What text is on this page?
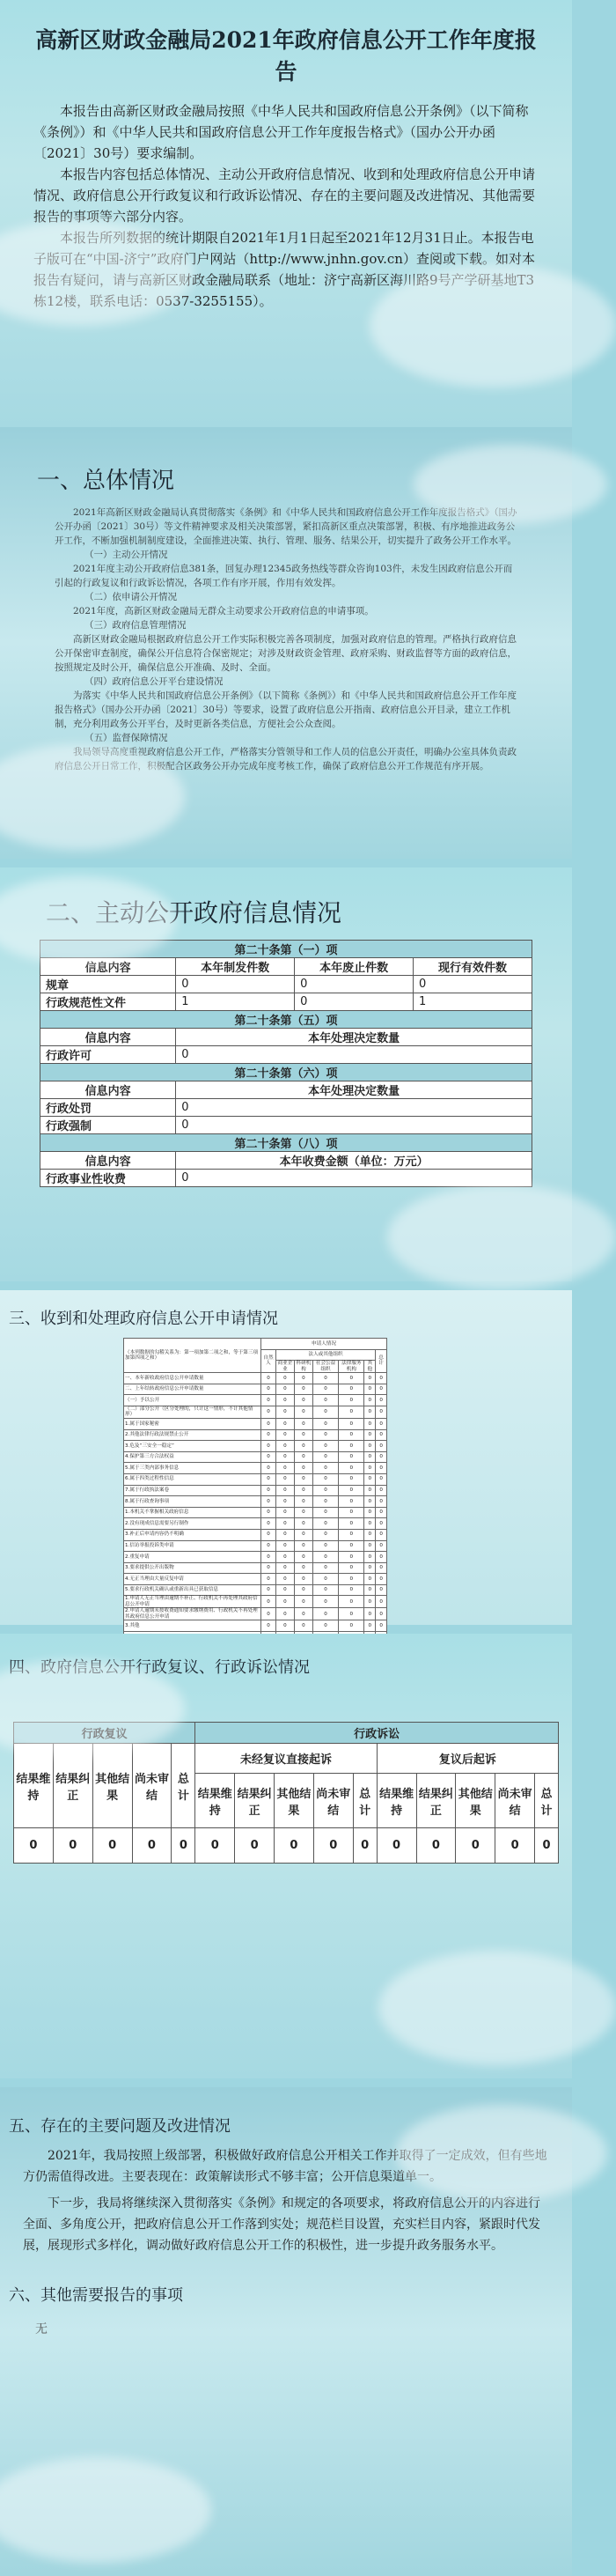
高新区财政金融局2021年政府信息公开工作年度报告

本报告由高新区财政金融局按照《中华人民共和国政府信息公开条例》（以下简称《条例》）和《中华人民共和国政府信息公开工作年度报告格式》（国办公开办函〔2021〕30号）要求编制。

本报告内容包括总体情况、主动公开政府信息情况、收到和处理政府信息公开申请情况、政府信息公开行政复议和行政诉讼情况、存在的主要问题及改进情况、其他需要报告的事项等六部分内容。

本报告所列数据的统计期限自2021年1月1日起至2021年12月31日止。本报告电子版可在“中国-济宁”政府门户网站（http://www.jnhn.gov.cn）查阅或下载。如对本报告有疑问，请与高新区财政金融局联系（地址：济宁高新区海川路9号产学研基地T3栋12楼，联系电话：0537-3255155）。

一、总体情况

2021年高新区财政金融局认真贯彻落实《条例》和《中华人民共和国政府信息公开工作年度报告格式》（国办公开办函〔2021〕30号）等文件精神要求及相关决策部署，紧扣高新区重点决策部署，积极、有序地推进政务公开工作，不断加强机制制度建设，全面推进决策、执行、管理、服务、结果公开，切实提升了政务公开工作水平。

（一）主动公开情况

2021年度主动公开政府信息381条，回复办理12345政务热线等群众咨询103件，未发生因政府信息公开而引起的行政复议和行政诉讼情况，各项工作有序开展，作用有效发挥。

（二）依申请公开情况

2021年度，高新区财政金融局无群众主动要求公开政府信息的申请事项。

（三）政府信息管理情况

高新区财政金融局根据政府信息公开工作实际积极完善各项制度，加强对政府信息的管理。严格执行政府信息公开保密审查制度，确保公开信息符合保密规定；对涉及财政资金管理、政府采购、财政监督等方面的政府信息，按照规定及时公开，确保信息公开准确、及时、全面。

（四）政府信息公开平台建设情况

为落实《中华人民共和国政府信息公开条例》（以下简称《条例》）和《中华人民共和国政府信息公开工作年度报告格式》（国办公开办函〔2021〕30号）等要求，设置了政府信息公开指南、政府信息公开目录，建立工作机制，充分利用政务公开平台，及时更新各类信息，方便社会公众查阅。

（五）监督保障情况

我局领导高度重视政府信息公开工作，严格落实分管领导和工作人员的信息公开责任，明确办公室具体负责政府信息公开日常工作，积极配合区政务公开办完成年度考核工作，确保了政府信息公开工作规范有序开展。

二、主动公开政府信息情况
第二十条第（一）项			
信息内容	本年制发件数	本年废止件数	现行有效件数
规章	0	0	0
行政规范性文件	1	0	1
第二十条第（五）项			
信息内容	本年处理决定数量		
行政许可	0		
第二十条第（六）项			
信息内容	本年处理决定数量		
行政处罚	0		
行政强制	0		
第二十条第（八）项			
信息内容	本年收费金额（单位：万元）		
行政事业性收费	0		
三、收到和处理政府信息公开申请情况
（本列数据的勾稽关系为：第一项加第二项之和，等于第三项加第四项之和）	申请人情况						
	自然人	法人或其他组织					总计
		商业企业	科研机构	社会公益组织	法律服务机构	其他	
一、本年新收政府信息公开申请数量	0	0	0	0	0	0	0
二、上年结转政府信息公开申请数量	0	0	0	0	0	0	0
（一）予以公开	0	0	0	0	0	0	0
（二）部分公开（区分处理的，只计这一情形，不计其他情形）	0	0	0	0	0	0	0
1.属于国家秘密	0	0	0	0	0	0	0
2.其他法律行政法规禁止公开	0	0	0	0	0	0	0
3.危及“三安全一稳定”	0	0	0	0	0	0	0
4.保护第三方合法权益	0	0	0	0	0	0	0
5.属于三类内部事务信息	0	0	0	0	0	0	0
6.属于四类过程性信息	0	0	0	0	0	0	0
7.属于行政执法案卷	0	0	0	0	0	0	0
8.属于行政查询事项	0	0	0	0	0	0	0
1.本机关不掌握相关政府信息	0	0	0	0	0	0	0
2.没有现成信息需要另行制作	0	0	0	0	0	0	0
3.补正后申请内容仍不明确	0	0	0	0	0	0	0
1.信访举报投诉类申请	0	0	0	0	0	0	0
2.重复申请	0	0	0	0	0	0	0
3.要求提供公开出版物	0	0	0	0	0	0	0
4.无正当理由大量反复申请	0	0	0	0	0	0	0
5.要求行政机关确认或重新出具已获取信息	0	0	0	0	0	0	0
1.申请人无正当理由逾期不补正、行政机关不再处理其政府信息公开申请	0	0	0	0	0	0	0
2.申请人逾期未按收费通知要求缴纳费用、行政机关不再处理其政府信息公开申请	0	0	0	0	0	0	0
3.其他	0	0	0	0	0	0	0

四、政府信息公开行政复议、行政诉讼情况
行政复议					行政诉讼									
结果维持	结果纠正	其他结果	尚未审结	总计	未经复议直接起诉					复议后起诉				
					结果维持	结果纠正	其他结果	尚未审结	总计	结果维持	结果纠正	其他结果	尚未审结	总计
0	0	0	0	0	0	0	0	0	0	0	0	0	0	0
五、存在的主要问题及改进情况

2021年，我局按照上级部署，积极做好政府信息公开相关工作并取得了一定成效，但有些地方仍需值得改进。主要表现在：政策解读形式不够丰富；公开信息渠道单一。

下一步，我局将继续深入贯彻落实《条例》和规定的各项要求，将政府信息公开的内容进行全面、多角度公开，把政府信息公开工作落到实处；规范栏目设置，充实栏目内容，紧跟时代发展，展现形式多样化，调动做好政府信息公开工作的积极性，进一步提升政务服务水平。

六、其他需要报告的事项
无
